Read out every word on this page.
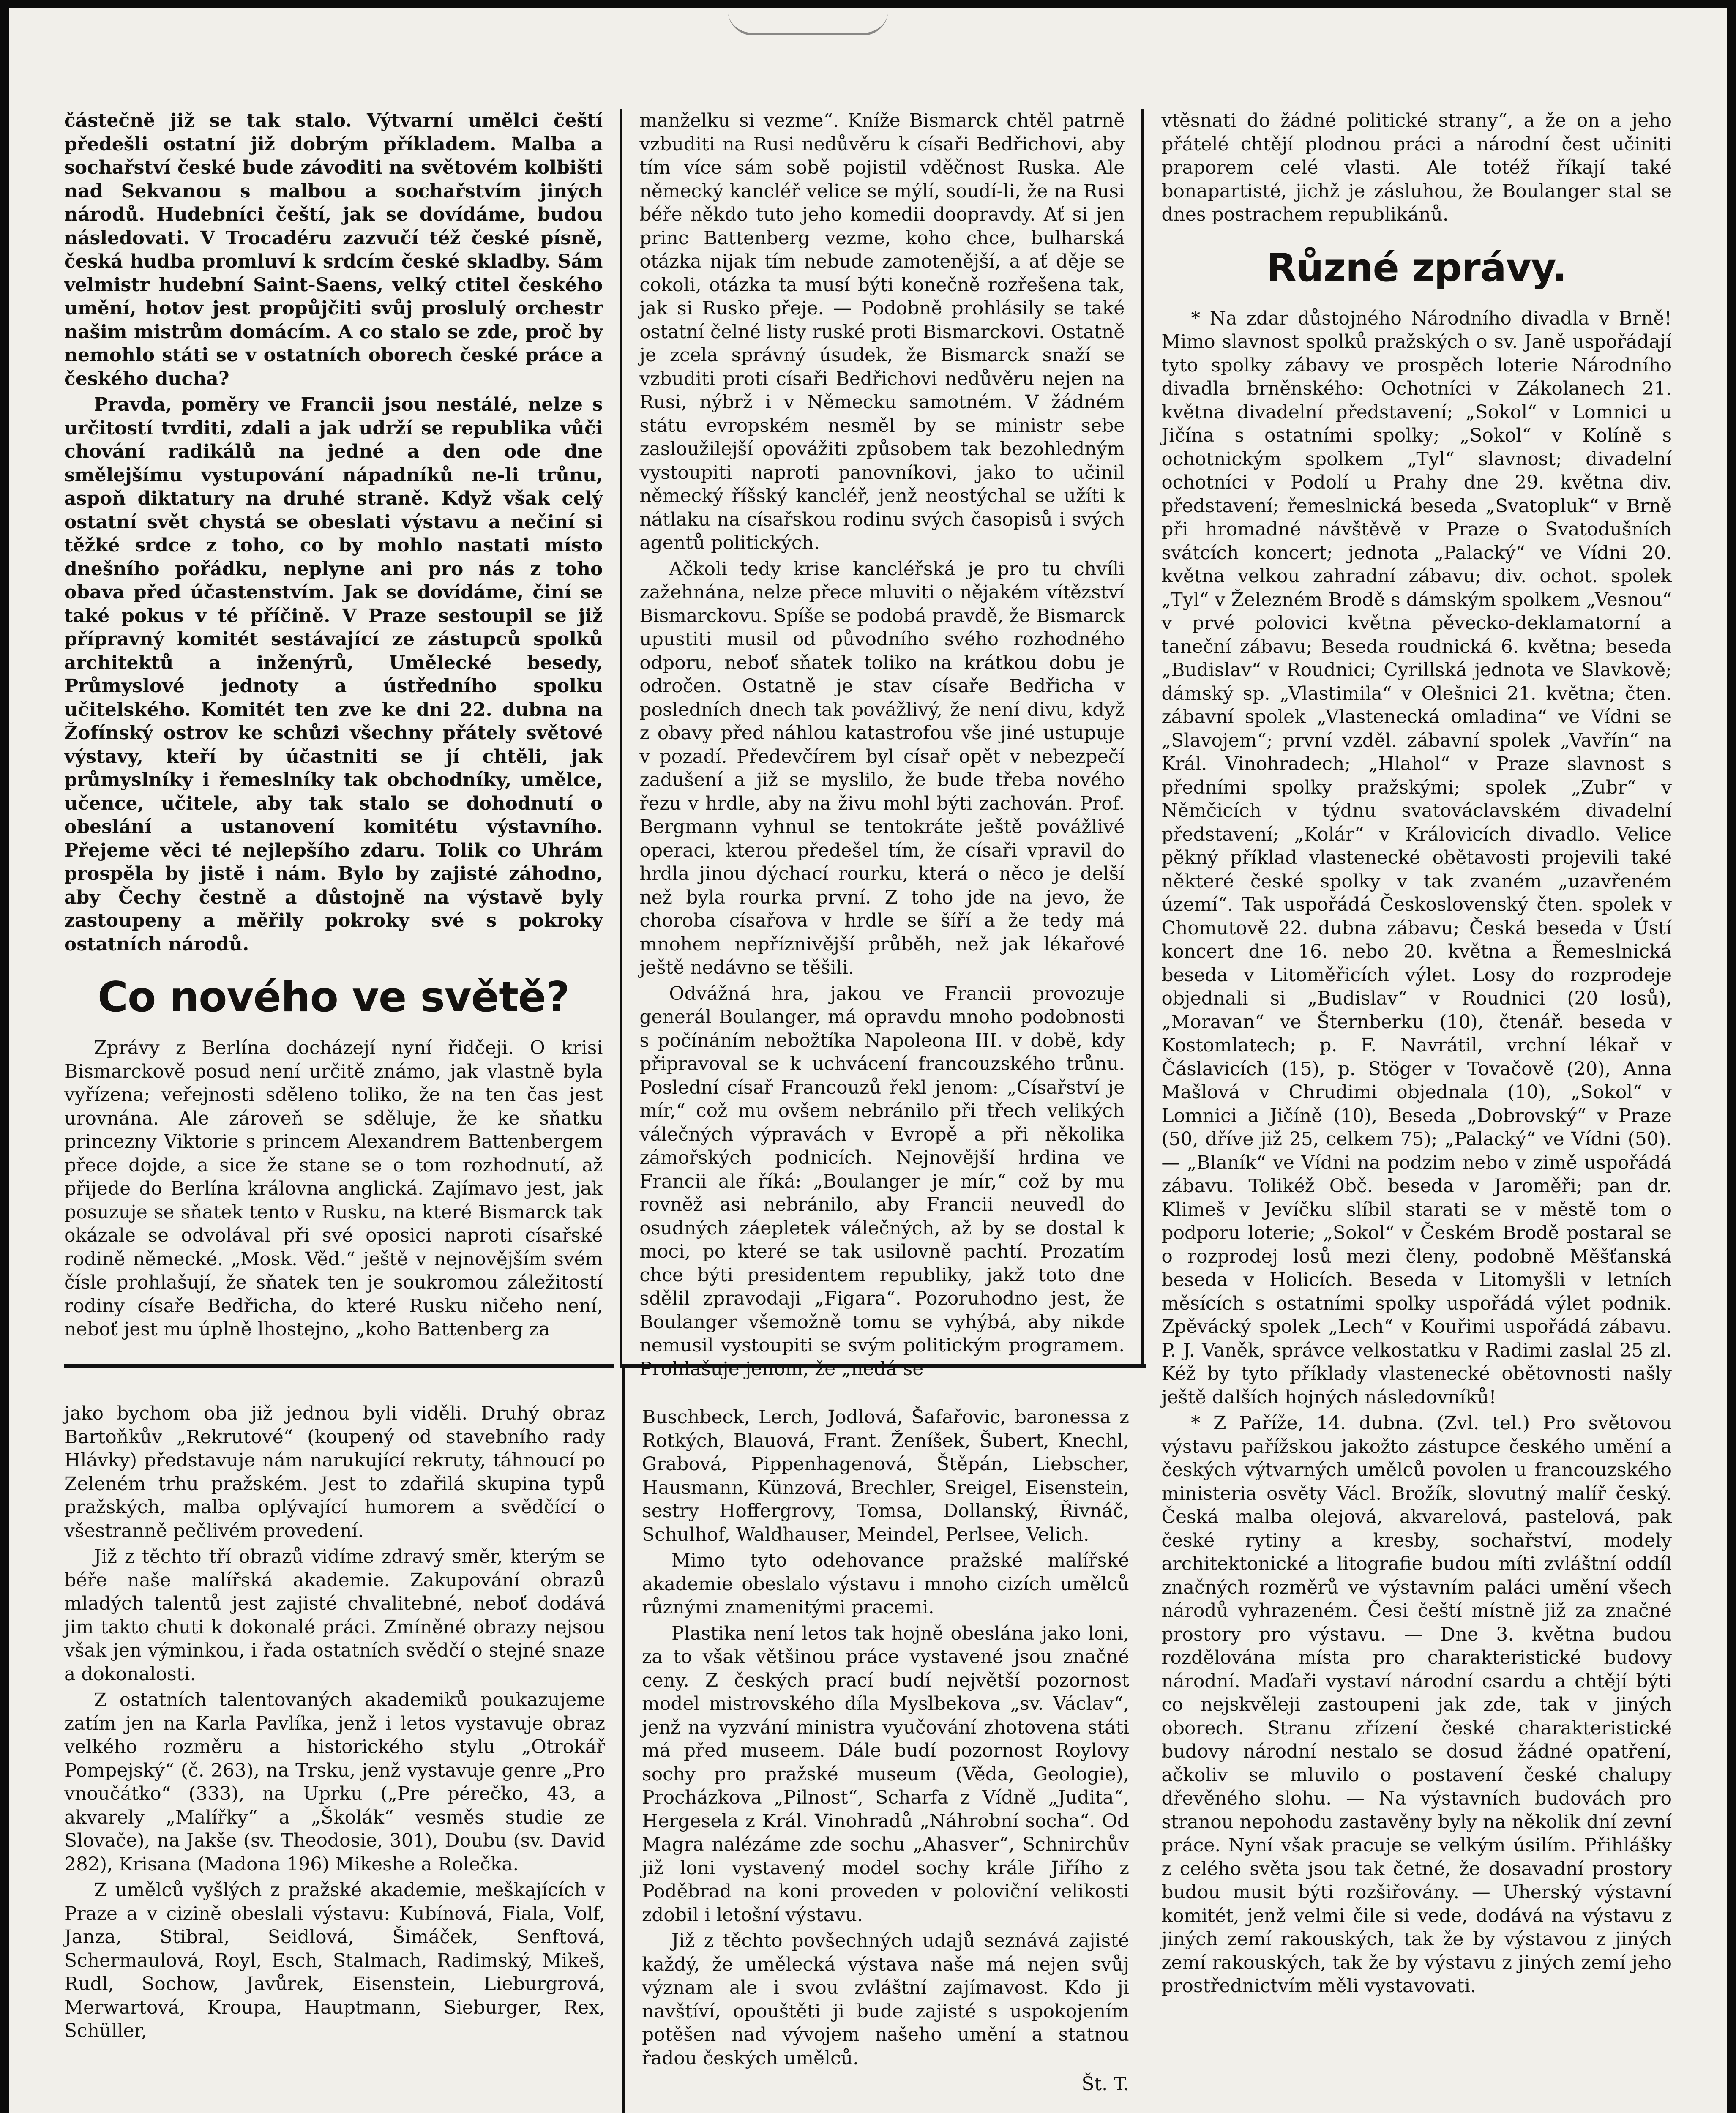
částečně již se tak stalo. Výtvarní umělci čeští předešli ostatní již dobrým příkladem. Malba a sochařství české bude závoditi na světovém kolbišti nad Sekvanou s malbou a sochařstvím jiných národů. Hudebníci čeští, jak se dovídáme, budou následovati. V Trocadéru zazvučí též české písně, česká hudba promluví k srdcím české skladby. Sám velmistr hudební Saint-Saens, velký ctitel českého umění, hotov jest propůjčiti svůj proslulý orchestr našim mistrům domácím. A co stalo se zde, proč by nemohlo státi se v ostatních oborech české práce a českého ducha?

Pravda, poměry ve Francii jsou nestálé, nelze s určitostí tvrditi, zdali a jak udrží se republika vůči chování radikálů na jedné a den ode dne smělejšímu vystupování nápadníků ne-li trůnu, aspoň diktatury na druhé straně. Když však celý ostatní svět chystá se obeslati výstavu a nečiní si těžké srdce z toho, co by mohlo nastati místo dnešního pořádku, neplyne ani pro nás z toho obava před účastenstvím. Jak se dovídáme, činí se také pokus v té příčině. V Praze sestoupil se již přípravný komitét sestávající ze zástupců spolků architektů a inženýrů, Umělecké besedy, Průmyslové jednoty a ústředního spolku učitelského. Komitét ten zve ke dni 22. dubna na Žofínský ostrov ke schůzi všechny přátely světové výstavy, kteří by účastniti se jí chtěli, jak průmyslníky i řemeslníky tak obchodníky, umělce, učence, učitele, aby tak stalo se dohodnutí o obeslání a ustanovení komitétu výstavního. Přejeme věci té nejlepšího zdaru. Tolik co Uhrám prospěla by jistě i nám. Bylo by zajisté záhodno, aby Čechy čestně a důstojně na výstavě byly zastoupeny a měřily pokroky své s pokroky ostatních národů.

Co nového ve světě?

Zprávy z Berlína docházejí nyní řidčeji. O krisi Bismarckově posud není určitě známo, jak vlastně byla vyřízena; veřejnosti sděleno toliko, že na ten čas jest urovnána. Ale zároveň se sděluje, že ke sňatku princezny Viktorie s princem Alexandrem Battenbergem přece dojde, a sice že stane se o tom rozhodnutí, až přijede do Berlína královna anglická. Zajímavo jest, jak posuzuje se sňatek tento v Rusku, na které Bismarck tak okázale se odvolával při své oposici naproti císařské rodině německé. „Mosk. Věd.“ ještě v nejnovějším svém čísle prohlašují, že sňatek ten je soukromou záležitostí rodiny císaře Bedřicha, do které Rusku ničeho není, neboť jest mu úplně lhostejno, „koho Battenberg za

manželku si vezme“. Kníže Bismarck chtěl patrně vzbuditi na Rusi nedůvěru k císaři Bedřichovi, aby tím více sám sobě pojistil vděčnost Ruska. Ale německý kancléř velice se mýlí, soudí-li, že na Rusi béře někdo tuto jeho komedii doopravdy. Ať si jen princ Battenberg vezme, koho chce, bulharská otázka nijak tím nebude zamotenější, a ať děje se cokoli, otázka ta musí býti konečně rozřešena tak, jak si Rusko přeje. — Podobně prohlásily se také ostatní čelné listy ruské proti Bismarckovi. Ostatně je zcela správný úsudek, že Bismarck snaží se vzbuditi proti císaři Bedřichovi nedůvěru nejen na Rusi, nýbrž i v Německu samotném. V žádném státu evropském nesměl by se ministr sebe zasloužilejší opovážiti způsobem tak bezohledným vystoupiti naproti panovníkovi, jako to učinil německý říšský kancléř, jenž neostýchal se užíti k nátlaku na císařskou rodinu svých časopisů i svých agentů politických.

Ačkoli tedy krise kancléřská je pro tu chvíli zažehnána, nelze přece mluviti o nějakém vítězství Bismarckovu. Spíše se podobá pravdě, že Bismarck upustiti musil od původního svého rozhodného odporu, neboť sňatek toliko na krátkou dobu je odročen. Ostatně je stav císaře Bedřicha v posledních dnech tak povážlivý, že není divu, když z obavy před náhlou katastrofou vše jiné ustupuje v pozadí. Předevčírem byl císař opět v nebezpečí zadušení a již se myslilo, že bude třeba nového řezu v hrdle, aby na živu mohl býti zachován. Prof. Bergmann vyhnul se tentokráte ještě povážlivé operaci, kterou předešel tím, že císaři vpravil do hrdla jinou dýchací rourku, která o něco je delší než byla rourka první. Z toho jde na jevo, že choroba císařova v hrdle se šíří a že tedy má mnohem nepříznivější průběh, než jak lékařové ještě nedávno se těšili.

Odvážná hra, jakou ve Francii provozuje generál Boulanger, má opravdu mnoho podobnosti s počínáním nebožtíka Napoleona III. v době, kdy připravoval se k uchvácení francouzského trůnu. Poslední císař Francouzů řekl jenom: „Císařství je mír,“ což mu ovšem nebránilo při třech velikých válečných výpravách v Evropě a při několika zámořských podnicích. Nejnovější hrdina ve Francii ale říká: „Boulanger je mír,“ což by mu rovněž asi nebránilo, aby Francii neuvedl do osudných záepletek válečných, až by se dostal k moci, po které se tak usilovně pachtí. Prozatím chce býti presidentem republiky, jakž toto dne sdělil zpravodaji „Figara“. Pozoruhodno jest, že Boulanger všemožně tomu se vyhýbá, aby nikde nemusil vystoupiti se svým politickým programem. Prohlašuje jenom, že „nedá se

vtěsnati do žádné politické strany“, a že on a jeho přátelé chtějí plodnou práci a národní čest učiniti praporem celé vlasti. Ale totéž říkají také bonapartisté, jichž je zásluhou, že Boulanger stal se dnes postrachem republikánů.

Různé zprávy.

* Na zdar důstojného Národního divadla v Brně! Mimo slavnost spolků pražských o sv. Janě uspořádají tyto spolky zábavy ve prospěch loterie Národního divadla brněnského: Ochotníci v Zákolanech 21. května divadelní představení; „Sokol“ v Lomnici u Jičína s ostatními spolky; „Sokol“ v Kolíně s ochotnickým spolkem „Tyl“ slavnost; divadelní ochotníci v Podolí u Prahy dne 29. května div. představení; řemeslnická beseda „Svatopluk“ v Brně při hromadné návštěvě v Praze o Svatodušních svátcích koncert; jednota „Palacký“ ve Vídni 20. května velkou zahradní zábavu; div. ochot. spolek „Tyl“ v Železném Brodě s dámským spolkem „Vesnou“ v prvé polovici května pěvecko-deklamatorní a taneční zábavu; Beseda roudnická 6. května; beseda „Budislav“ v Roudnici; Cyrillská jednota ve Slavkově; dámský sp. „Vlastimila“ v Olešnici 21. května; čten. zábavní spolek „Vlastenecká omladina“ ve Vídni se „Slavojem“; první vzděl. zábavní spolek „Vavřín“ na Král. Vinohradech; „Hlahol“ v Praze slavnost s předními spolky pražskými; spolek „Zubr“ v Němčicích v týdnu svatováclavském divadelní představení; „Kolár“ v Královicích divadlo. Velice pěkný příklad vlastenecké obětavosti projevili také některé české spolky v tak zvaném „uzavřeném území“. Tak uspořádá Československý čten. spolek v Chomutově 22. dubna zábavu; Česká beseda v Ústí koncert dne 16. nebo 20. května a Řemeslnická beseda v Litoměřicích výlet. Losy do rozprodeje objednali si „Budislav“ v Roudnici (20 losů), „Moravan“ ve Šternberku (10), čtenář. beseda v Kostomlatech; p. F. Navrátil, vrchní lékař v Čáslavicích (15), p. Stöger v Tovačově (20), Anna Mašlová v Chrudimi objednala (10), „Sokol“ v Lomnici a Jičíně (10), Beseda „Dobrovský“ v Praze (50, dříve již 25, celkem 75); „Palacký“ ve Vídni (50). — „Blaník“ ve Vídni na podzim nebo v zimě uspořádá zábavu. Tolikéž Obč. beseda v Jaroměři; pan dr. Klimeš v Jevíčku slíbil starati se v městě tom o podporu loterie; „Sokol“ v Českém Brodě postaral se o rozprodej losů mezi členy, podobně Měšťanská beseda v Holicích. Beseda v Litomyšli v letních měsících s ostatními spolky uspořádá výlet podnik. Zpěvácký spolek „Lech“ v Kouřimi uspořádá zábavu. P. J. Vaněk, správce velkostatku v Radimi zaslal 25 zl. Kéž by tyto příklady vlastenecké obětovnosti našly ještě dalších hojných následovníků!

* Z Paříže, 14. dubna. (Zvl. tel.) Pro světovou výstavu pařížskou jakožto zástupce českého umění a českých výtvarných umělců povolen u francouzského ministeria osvěty Václ. Brožík, slovutný malíř český. Česká malba olejová, akvarelová, pastelová, pak české rytiny a kresby, sochařství, modely architektonické a litografie budou míti zvláštní oddíl značných rozměrů ve výstavním paláci umění všech národů vyhrazeném. Česi čeští místně již za značné prostory pro výstavu. — Dne 3. května budou rozdělována místa pro charakteristické budovy národní. Maďaři vystaví národní csardu a chtějí býti co nejskvěleji zastoupeni jak zde, tak v jiných oborech. Stranu zřízení české charakteristické budovy národní nestalo se dosud žádné opatření, ačkoliv se mluvilo o postavení české chalupy dřevěného slohu. — Na výstavních budovách pro stranou nepohodu zastavěny byly na několik dní zevní práce. Nyní však pracuje se velkým úsilím. Přihlášky z celého světa jsou tak četné, že dosavadní prostory budou musit býti rozšiřovány. — Uherský výstavní komitét, jenž velmi čile si vede, dodává na výstavu z jiných zemí rakouských, tak že by výstavou z jiných zemí rakouských, tak že by výstavu z jiných zemí jeho prostřednictvím měli vystavovati.

jako bychom oba již jednou byli viděli. Druhý obraz Bartoňkův „Rekrutové“ (koupený od stavebního rady Hlávky) představuje nám narukující rekruty, táhnoucí po Zeleném trhu pražském. Jest to zdařilá skupina typů pražských, malba oplývající humorem a svědčící o všestranně pečlivém provedení.

Již z těchto tří obrazů vidíme zdravý směr, kterým se béře naše malířská akademie. Zakupování obrazů mladých talentů jest zajisté chvalitebné, neboť dodává jim takto chuti k dokonalé práci. Zmíněné obrazy nejsou však jen výminkou, i řada ostatních svědčí o stejné snaze a dokonalosti.

Z ostatních talentovaných akademiků poukazujeme zatím jen na Karla Pavlíka, jenž i letos vystavuje obraz velkého rozměru a historického stylu „Otrokář Pompejský“ (č. 263), na Trsku, jenž vystavuje genre „Pro vnoučátko“ (333), na Uprku („Pre pérečko, 43, a akvarely „Malířky“ a „Školák“ vesměs studie ze Slovače), na Jakše (sv. Theodosie, 301), Doubu (sv. David 282), Krisana (Madona 196) Mikeshe a Rolečka.

Z umělců vyšlých z pražské akademie, meškajících v Praze a v cizině obeslali výstavu: Kubínová, Fiala, Volf, Janza, Stibral, Seidlová, Šimáček, Senftová, Schermaulová, Royl, Esch, Stalmach, Radimský, Mikeš, Rudl, Sochow, Javůrek, Eisenstein, Lieburgrová, Merwartová, Kroupa, Hauptmann, Sieburger, Rex, Schüller,

Buschbeck, Lerch, Jodlová, Šafařovic, baronessa z Rotkých, Blauová, Frant. Ženíšek, Šubert, Knechl, Grabová, Pippenhagenová, Štěpán, Liebscher, Hausmann, Künzová, Brechler, Sreigel, Eisenstein, sestry Hoffergrovy, Tomsa, Dollanský, Řivnáč, Schulhof, Waldhauser, Meindel, Perlsee, Velich.

Mimo tyto odehovance pražské malířské akademie obeslalo výstavu i mnoho cizích umělců různými znamenitými pracemi.

Plastika není letos tak hojně obeslána jako loni, za to však většinou práce vystavené jsou značné ceny. Z českých prací budí největší pozornost model mistrovského díla Myslbekova „sv. Václav“, jenž na vyzvání ministra vyučování zhotovena státi má před museem. Dále budí pozornost Roylovy sochy pro pražské museum (Věda, Geologie), Procházkova „Pilnost“, Scharfa z Vídně „Judita“, Hergesela z Král. Vinohradů „Náhrobní socha“. Od Magra nalézáme zde sochu „Ahasver“, Schnirchův již loni vystavený model sochy krále Jiřího z Poděbrad na koni proveden v poloviční velikosti zdobil i letošní výstavu.

Již z těchto povšechných udajů seznává zajisté každý, že umělecká výstava naše má nejen svůj význam ale i svou zvláštní zajímavost. Kdo ji navštíví, opouštěti ji bude zajisté s uspokojením potěšen nad vývojem našeho umění a statnou řadou českých umělců.

Št. T.
